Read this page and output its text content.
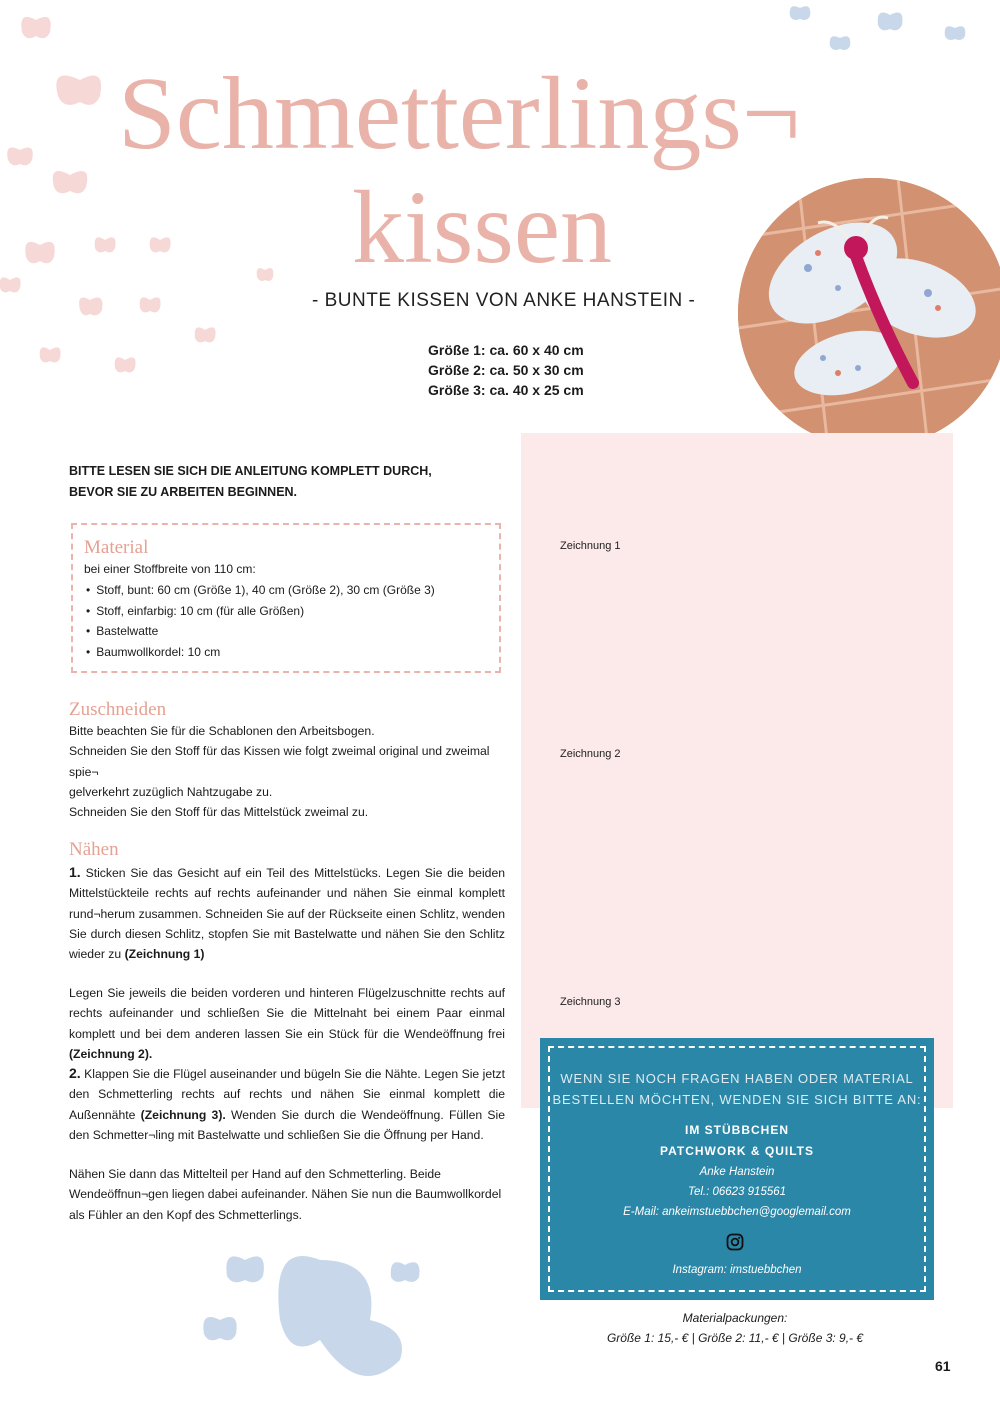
Schmetterlings¬
kissen
- BUNTE KISSEN VON ANKE HANSTEIN -
Größe 1: ca. 60 x 40 cm
Größe 2: ca. 50 x 30 cm
Größe 3: ca. 40 x 25 cm
BITTE LESEN SIE SICH DIE ANLEITUNG KOMPLETT DURCH,
BEVOR SIE ZU ARBEITEN BEGINNEN.
Material
bei einer Stoffbreite von 110 cm:
• Stoff, bunt: 60 cm (Größe 1), 40 cm (Größe 2), 30 cm (Größe 3)
• Stoff, einfarbig: 10 cm (für alle Größen)
• Bastelwatte
• Baumwollkordel: 10 cm
Zuschneiden
Bitte beachten Sie für die Schablonen den Arbeitsbogen.
Schneiden Sie den Stoff für das Kissen wie folgt zweimal original und zweimal spie¬
gelverkehrt zuzüglich Nahtzugabe zu.
Schneiden Sie den Stoff für das Mittelstück zweimal zu.
Nähen
1. Sticken Sie das Gesicht auf ein Teil des Mittelstücks. Legen Sie die beiden Mittelstückteile rechts auf rechts aufeinander und nähen Sie einmal komplett rund¬herum zusammen. Schneiden Sie auf der Rückseite einen Schlitz, wenden Sie durch diesen Schlitz, stopfen Sie mit Bastelwatte und nähen Sie den Schlitz wieder zu (Zeichnung 1)
Legen Sie jeweils die beiden vorderen und hinteren Flügelzuschnitte rechts auf rechts aufeinander und schließen Sie die Mittelnaht bei einem Paar einmal komplett und bei dem anderen lassen Sie ein Stück für die Wendeöffnung frei (Zeichnung 2).
2. Klappen Sie die Flügel auseinander und bügeln Sie die Nähte. Legen Sie jetzt den Schmetterling rechts auf rechts und nähen Sie einmal komplett die Außennähte (Zeichnung 3). Wenden Sie durch die Wendeöffnung. Füllen Sie den Schmetter¬ling mit Bastelwatte und schließen Sie die Öffnung per Hand.
Nähen Sie dann das Mittelteil per Hand auf den Schmetterling. Beide Wendeöffnun¬gen liegen dabei aufeinander. Nähen Sie nun die Baumwollkordel als Fühler an den Kopf des Schmetterlings.
Zeichnung 1
Zeichnung 2
Zeichnung 3
WENN SIE NOCH FRAGEN HABEN ODER MATERIAL
BESTELLEN MÖCHTEN, WENDEN SIE SICH BITTE AN:
IM STÜBBCHEN
PATCHWORK & QUILTS
Anke Hanstein
Tel.: 06623 915561
E-Mail: ankeimstuebbchen@googlemail.com
Instagram: imstuebbchen
Materialpackungen:
Größe 1: 15,- € | Größe 2: 11,- € | Größe 3: 9,- €
61
